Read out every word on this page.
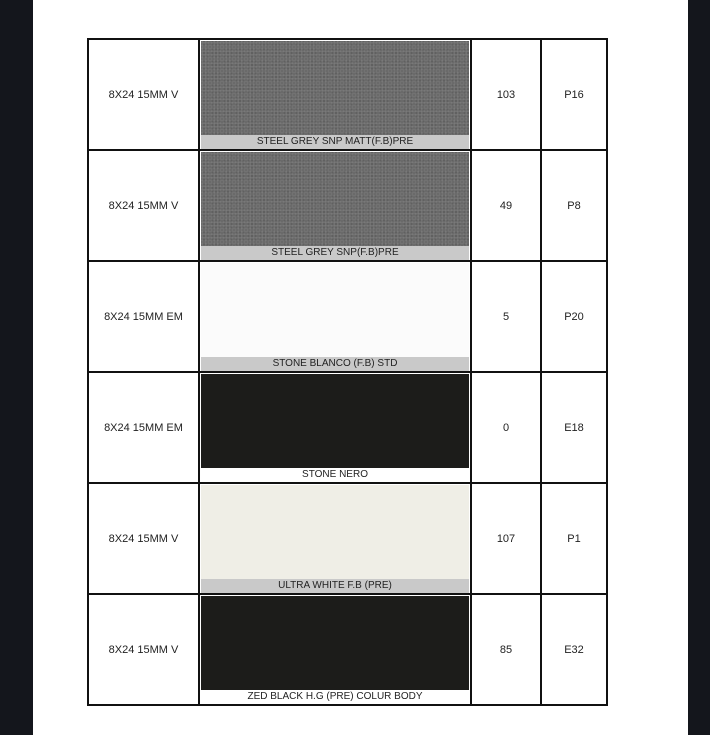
8X24 15MM V	STEEL GREY SNP MATT(F.B)PRE	103	P16
8X24 15MM V	STEEL GREY SNP(F.B)PRE	49	P8
8X24 15MM EM	STONE BLANCO (F.B) STD	5	P20
8X24 15MM EM	STONE NERO	0	E18
8X24 15MM V	ULTRA WHITE F.B (PRE)	107	P1
8X24 15MM V	ZED BLACK H.G (PRE) COLUR BODY	85	E32
